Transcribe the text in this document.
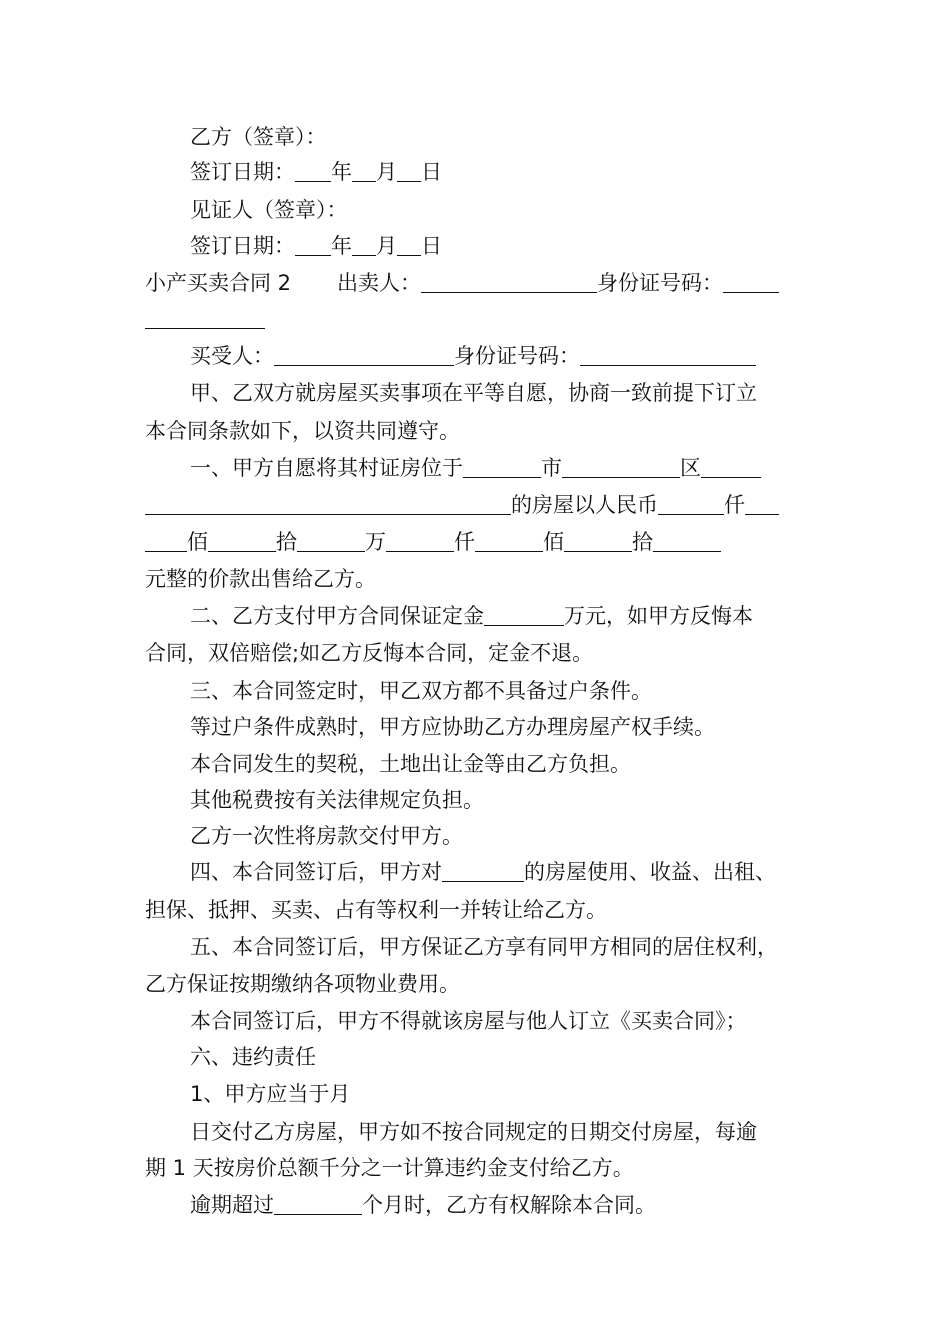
乙方（签章）：
签订日期： 年 月 日
见证人（签章）：
签订日期： 年 月 日
小产买卖合同 2 出卖人：	身份证号码：
买受人：	身份证号码：
甲、乙双方就房屋买卖事项在平等自愿，协商一致前提下订立
本合同条款如下，以资共同遵守。
一、甲方自愿将其村证房位于	市	区
的房屋以人民币	仟
佰	拾	万	仟	佰	拾
元整的价款出售给乙方。
二、乙方支付甲方合同保证定金	万元，如甲方反悔本
合同，双倍赔偿;如乙方反悔本合同，定金不退。
三、本合同签定时，甲乙双方都不具备过户条件。
等过户条件成熟时，甲方应协助乙方办理房屋产权手续。
本合同发生的契税，土地出让金等由乙方负担。
其他税费按有关法律规定负担。
乙方一次性将房款交付甲方。
四、本合同签订后，甲方对	的房屋使用、收益、出租、
担保、抵押、买卖、占有等权利一并转让给乙方。
五、本合同签订后，甲方保证乙方享有同甲方相同的居住权利，
乙方保证按期缴纳各项物业费用。
本合同签订后，甲方不得就该房屋与他人订立《买卖合同》；
六、违约责任
1、甲方应当于月
日交付乙方房屋，甲方如不按合同规定的日期交付房屋，每逾
期 1 天按房价总额千分之一计算违约金支付给乙方。
逾期超过	个月时，乙方有权解除本合同。
